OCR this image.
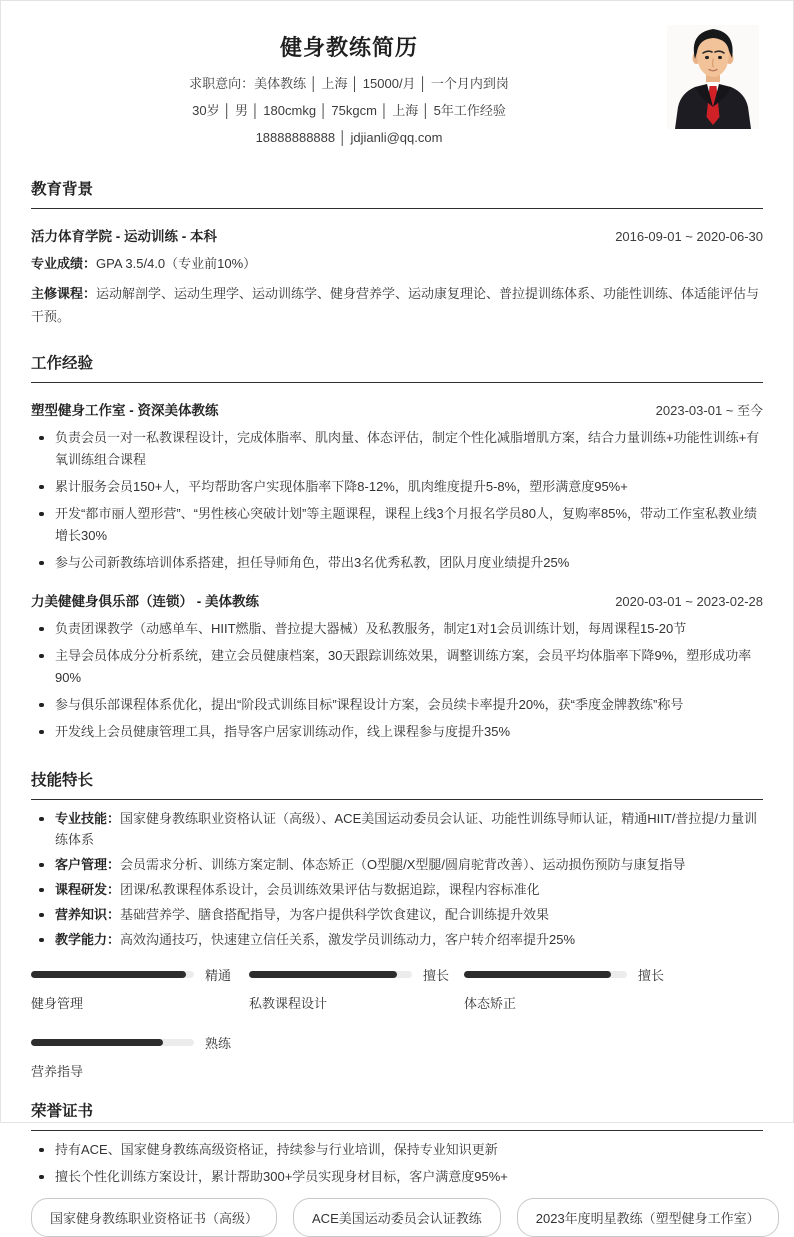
健身教练简历
求职意向：美体教练 │ 上海 │ 15000/月 │ 一个月内到岗
30岁 │ 男 │ 180cmkg │ 75kgcm │ 上海 │ 5年工作经验
18888888888 │ jdjianli@qq.com
教育背景
活力体育学院 - 运动训练 - 本科	2016-09-01 ~ 2020-06-30
专业成绩：GPA 3.5/4.0（专业前10%）
主修课程：运动解剖学、运动生理学、运动训练学、健身营养学、运动康复理论、普拉提训练体系、功能性训练、体适能评估与干预。
工作经验
塑型健身工作室 - 资深美体教练	2023-03-01 ~ 至今
负责会员一对一私教课程设计，完成体脂率、肌肉量、体态评估，制定个性化减脂增肌方案，结合力量训练+功能性训练+有氧训练组合课程
累计服务会员150+人，平均帮助客户实现体脂率下降8-12%，肌肉维度提升5-8%，塑形满意度95%+
开发“都市丽人塑形营”、“男性核心突破计划”等主题课程，课程上线3个月报名学员80人，复购率85%，带动工作室私教业绩增长30%
参与公司新教练培训体系搭建，担任导师角色，带出3名优秀私教，团队月度业绩提升25%
力美健健身俱乐部（连锁） - 美体教练	2020-03-01 ~ 2023-02-28
负责团课教学（动感单车、HIIT燃脂、普拉提大器械）及私教服务，制定1对1会员训练计划，每周课程15-20节
主导会员体成分分析系统，建立会员健康档案，30天跟踪训练效果，调整训练方案，会员平均体脂率下降9%，塑形成功率90%
参与俱乐部课程体系优化，提出“阶段式训练目标”课程设计方案，会员续卡率提升20%，获“季度金牌教练”称号
开发线上会员健康管理工具，指导客户居家训练动作，线上课程参与度提升35%
技能特长
专业技能：国家健身教练职业资格认证（高级）、ACE美国运动委员会认证、功能性训练导师认证，精通HIIT/普拉提/力量训练体系
客户管理：会员需求分析、训练方案定制、体态矫正（O型腿/X型腿/圆肩驼背改善）、运动损伤预防与康复指导
课程研发：团课/私教课程体系设计，会员训练效果评估与数据追踪，课程内容标准化
营养知识：基础营养学、膳食搭配指导，为客户提供科学饮食建议，配合训练提升效果
教学能力：高效沟通技巧，快速建立信任关系，激发学员训练动力，客户转介绍率提升25%
精通
健身管理
擅长
私教课程设计
擅长
体态矫正
熟练
营养指导
荣誉证书
持有ACE、国家健身教练高级资格证，持续参与行业培训，保持专业知识更新
擅长个性化训练方案设计，累计帮助300+学员实现身材目标，客户满意度95%+
国家健身教练职业资格证书（高级）	ACE美国运动委员会认证教练	2023年度明星教练（塑型健身工作室）
